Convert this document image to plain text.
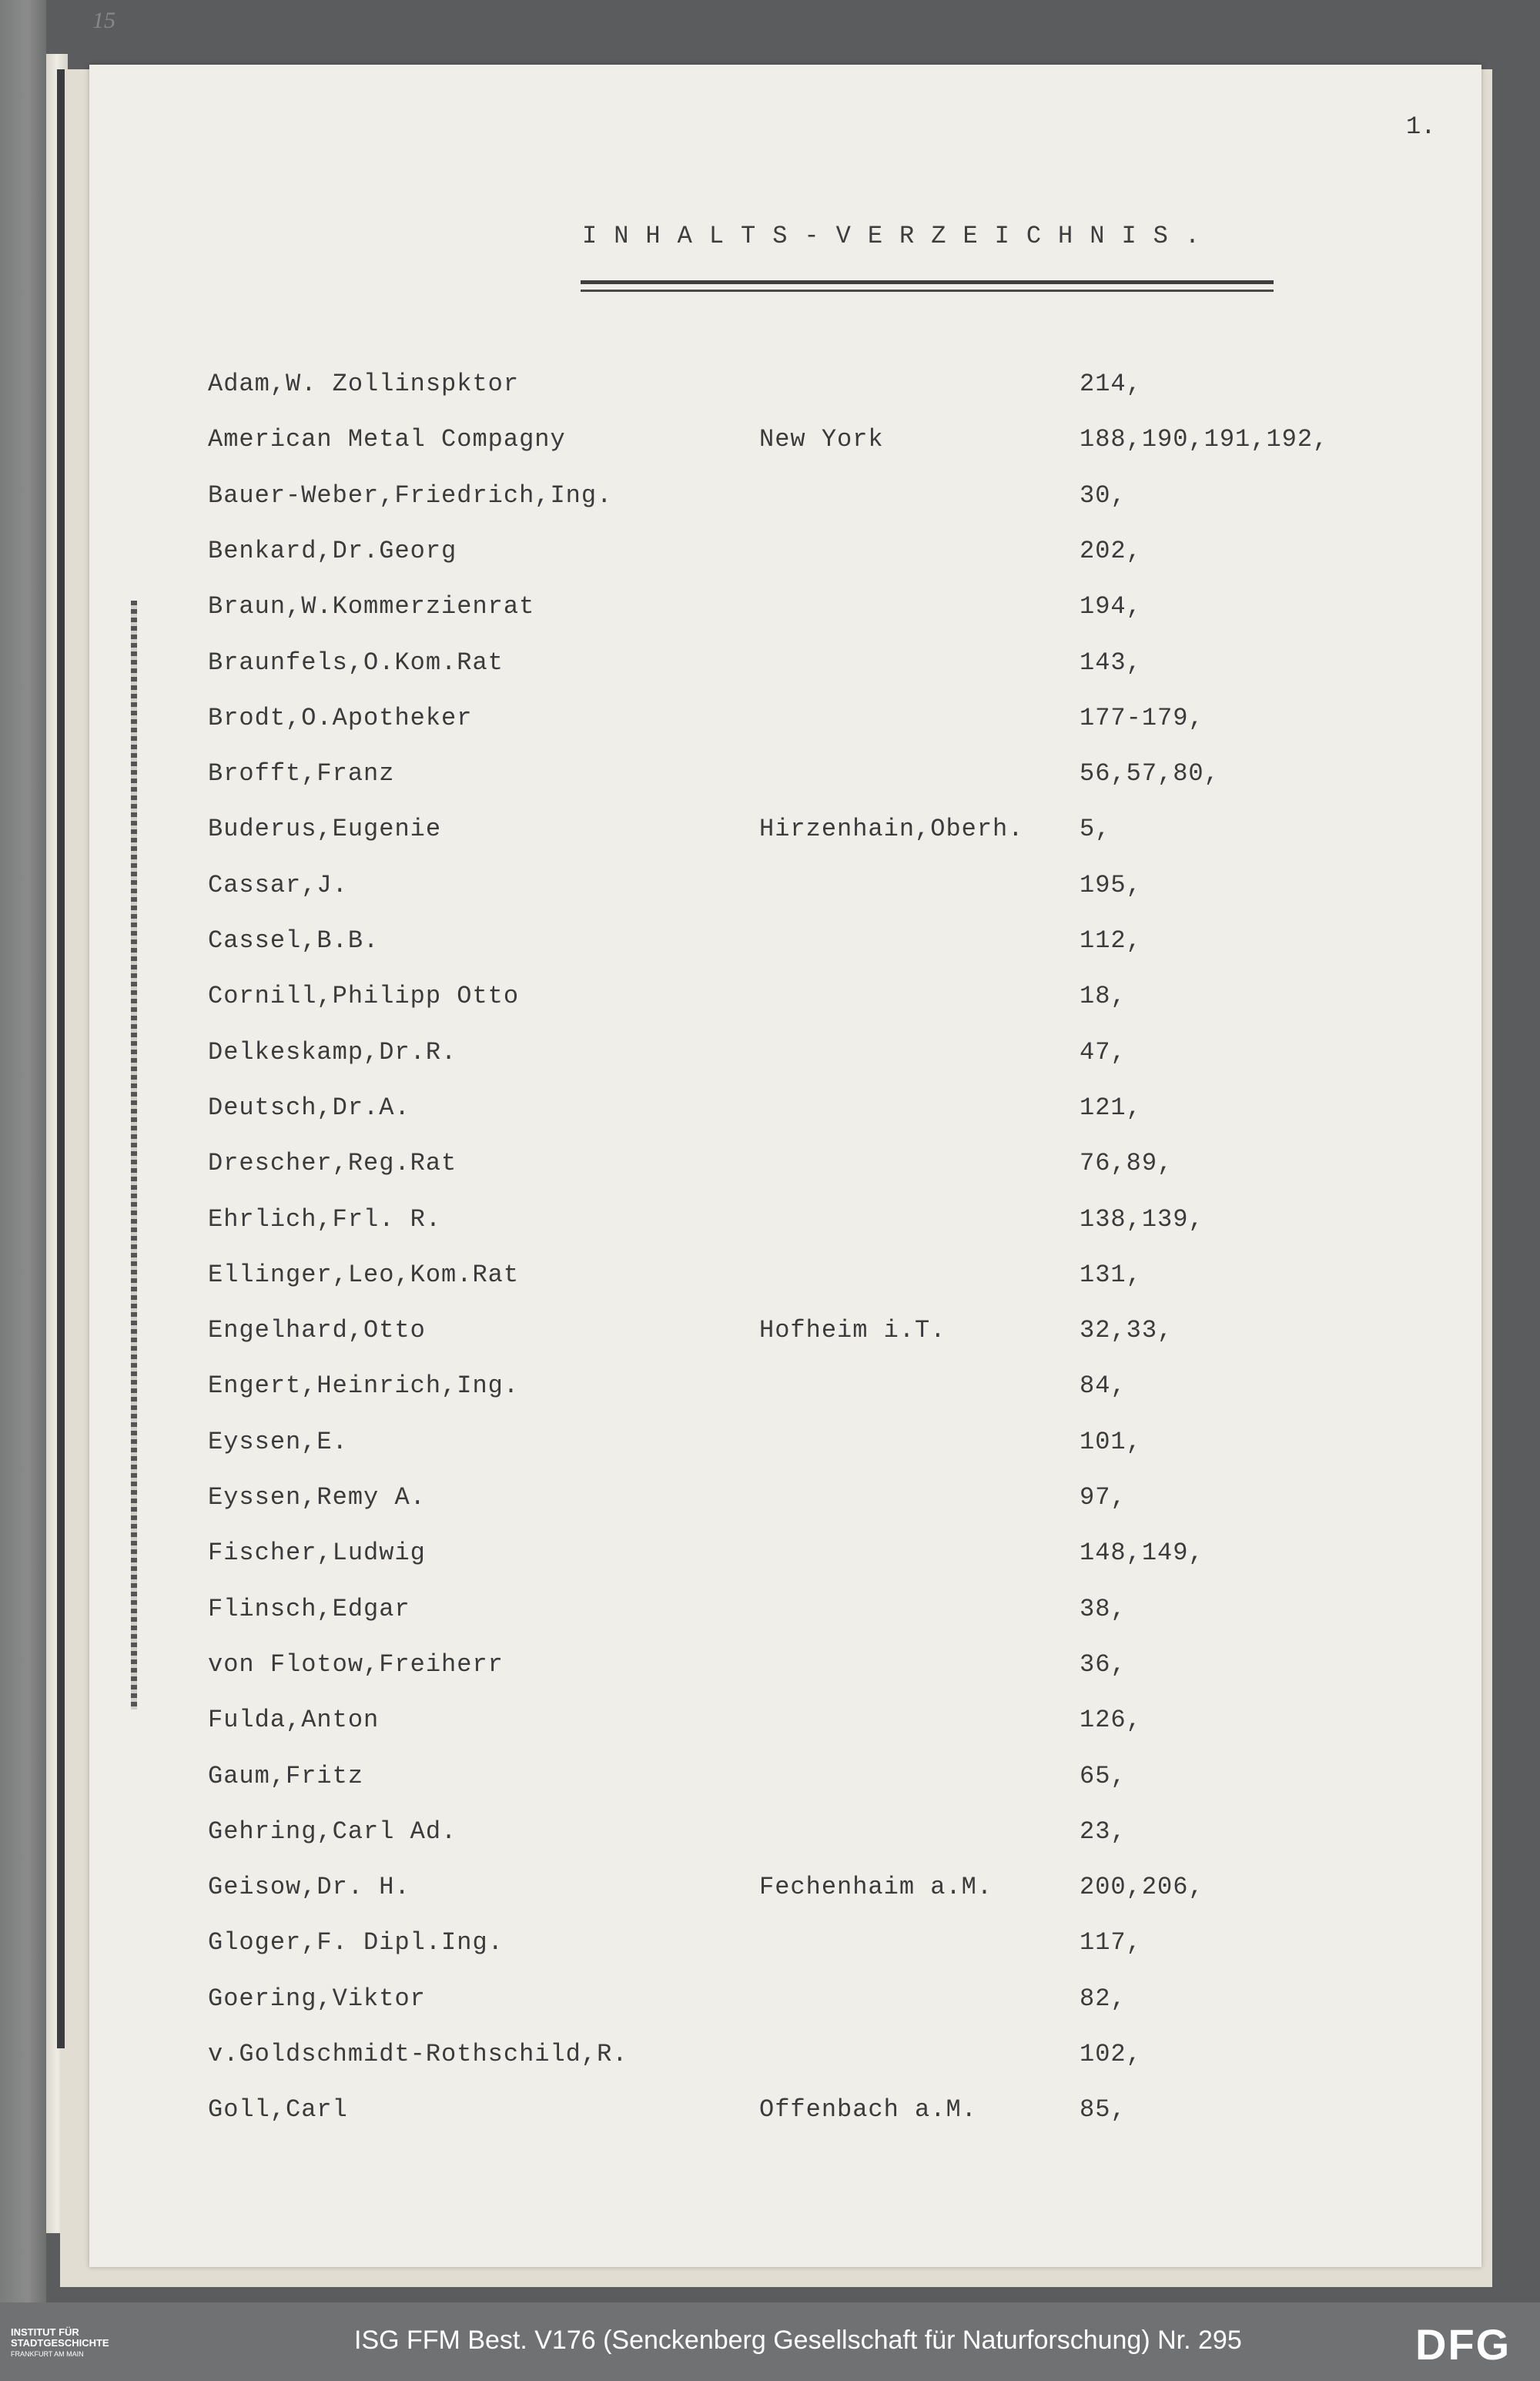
15
1.
INHALTS-VERZEICHNIS.
Adam,W. Zollinspktor	214,
American Metal Compagny	New York	188,190,191,192,
Bauer-Weber,Friedrich,Ing.	30,
Benkard,Dr.Georg	202,
Braun,W.Kommerzienrat	194,
Braunfels,O.Kom.Rat	143,
Brodt,O.Apotheker	177-179,
Brofft,Franz	56,57,80,
Buderus,Eugenie	Hirzenhain,Oberh. 5,
Cassar,J.	195,
Cassel,B.B.	112,
Cornill,Philipp Otto	18,
Delkeskamp,Dr.R.	47,
Deutsch,Dr.A.	121,
Drescher,Reg.Rat	76,89,
Ehrlich,Frl. R.	138,139,
Ellinger,Leo,Kom.Rat	131,
Engelhard,Otto	Hofheim i.T.	32,33,
Engert,Heinrich,Ing.	84,
Eyssen,E.	101,
Eyssen,Remy A.	97,
Fischer,Ludwig	148,149,
Flinsch,Edgar	38,
von Flotow,Freiherr	36,
Fulda,Anton	126,
Gaum,Fritz	65,
Gehring,Carl Ad.	23,
Geisow,Dr. H.	Fechenhaim a.M.	200,206,
Gloger,F. Dipl.Ing.	117,
Goering,Viktor	82,
v.Goldschmidt-Rothschild,R.	102,
Goll,Carl	Offenbach a.M.	85,
INSTITUT FÜR
STADTGESCHICHTE
FRANKFURT AM MAIN	ISG FFM Best. V176 (Senckenberg Gesellschaft für Naturforschung) Nr. 295	DFG
